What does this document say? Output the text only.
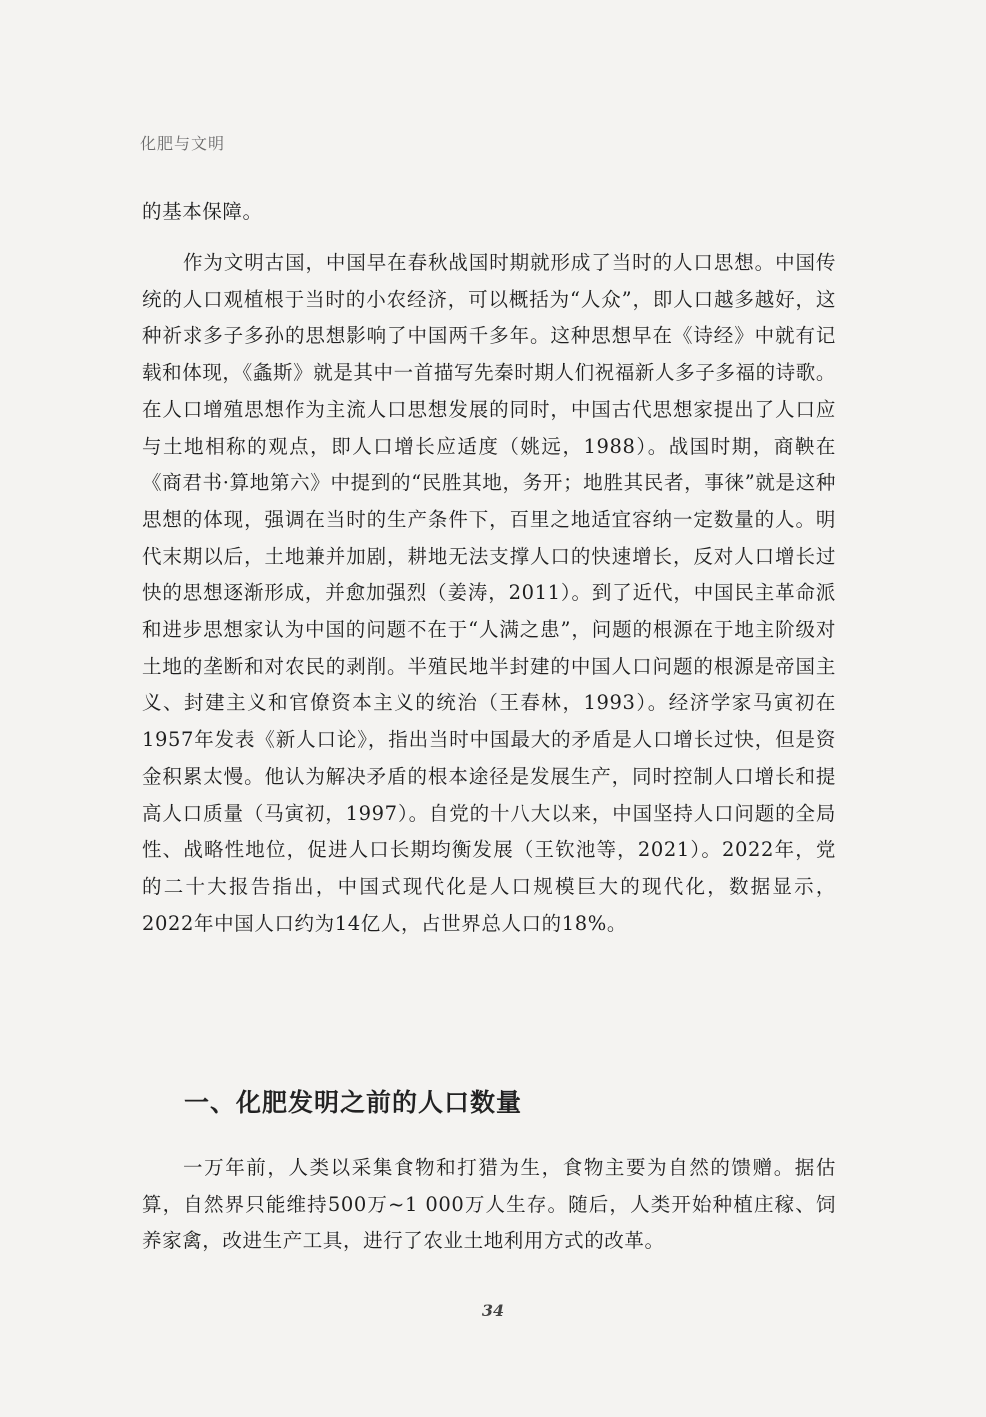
化肥与文明

的基本保障。

作为文明古国，中国早在春秋战国时期就形成了当时的人口思想。中国传统的人口观植根于当时的小农经济，可以概括为“人众”，即人口越多越好，这种祈求多子多孙的思想影响了中国两千多年。这种思想早在《诗经》中就有记载和体现，《螽斯》就是其中一首描写先秦时期人们祝福新人多子多福的诗歌。在人口增殖思想作为主流人口思想发展的同时，中国古代思想家提出了人口应与土地相称的观点，即人口增长应适度（姚远，1988）。战国时期，商鞅在《商君书·算地第六》中提到的“民胜其地，务开；地胜其民者，事徕”就是这种思想的体现，强调在当时的生产条件下，百里之地适宜容纳一定数量的人。明代末期以后，土地兼并加剧，耕地无法支撑人口的快速增长，反对人口增长过快的思想逐渐形成，并愈加强烈（姜涛，2011）。到了近代，中国民主革命派和进步思想家认为中国的问题不在于“人满之患”，问题的根源在于地主阶级对土地的垄断和对农民的剥削。半殖民地半封建的中国人口问题的根源是帝国主义、封建主义和官僚资本主义的统治（王春林，1993）。经济学家马寅初在1957年发表《新人口论》，指出当时中国最大的矛盾是人口增长过快，但是资金积累太慢。他认为解决矛盾的根本途径是发展生产，同时控制人口增长和提高人口质量（马寅初，1997）。自党的十八大以来，中国坚持人口问题的全局性、战略性地位，促进人口长期均衡发展（王钦池等，2021）。2022年，党的二十大报告指出，中国式现代化是人口规模巨大的现代化，数据显示，2022年中国人口约为14亿人，占世界总人口的18%。

一、化肥发明之前的人口数量

一万年前，人类以采集食物和打猎为生，食物主要为自然的馈赠。据估算，自然界只能维持500万~1 000万人生存。随后，人类开始种植庄稼、饲养家禽，改进生产工具，进行了农业土地利用方式的改革。

34
